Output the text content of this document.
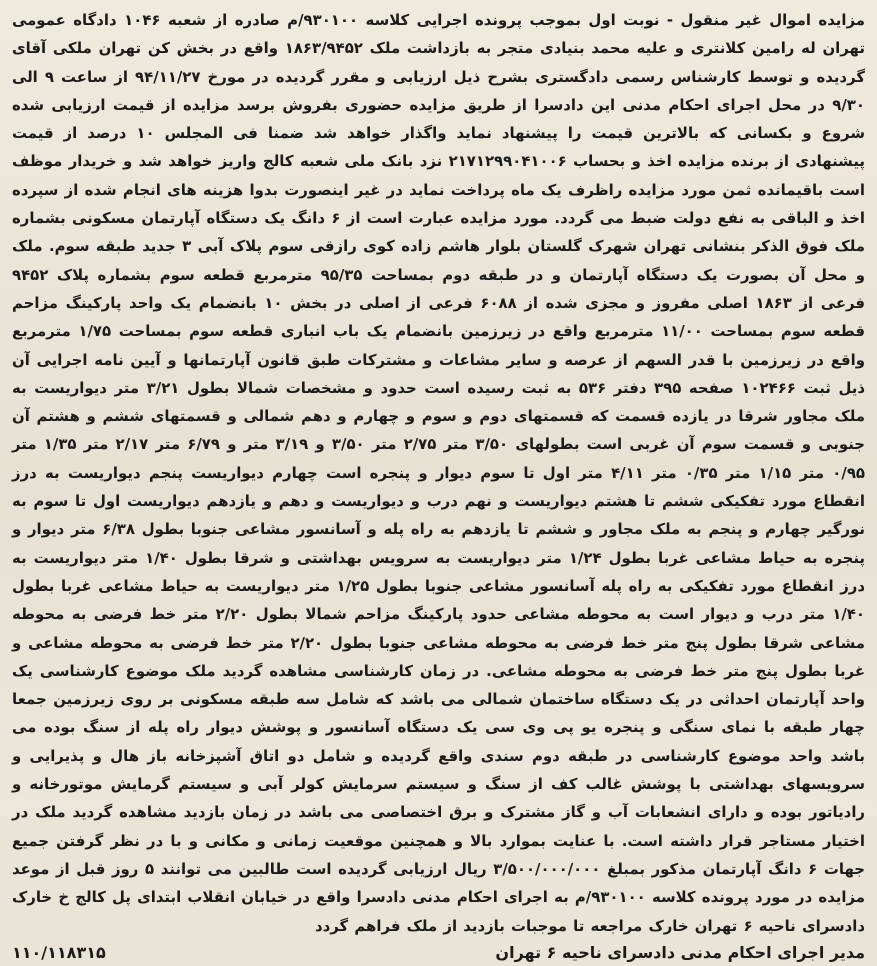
مزایده اموال غیر منقول - نوبت اول بموجب پرونده اجرایی کلاسه ۹۳۰۱۰۰/م صادره از شعبه ۱۰۴۶ دادگاه عمومی تهران له رامین کلانتری و علیه محمد بنیادی متجر به بازداشت ملک ۱۸۶۳/۹۴۵۲ واقع در بخش کن تهران ملکی آقای گردیده و توسط کارشناس رسمی دادگستری بشرح ذیل ارزیابی و مقرر گردیده در مورخ ۹۴/۱۱/۲۷ از ساعت ۹ الی ۹/۳۰ در محل اجرای احکام مدنی این دادسرا از طریق مزایده حضوری بفروش برسد مزایده از قیمت ارزیابی شده شروع و بکسانی که بالاترین قیمت را پیشنهاد نماید واگذار خواهد شد ضمنا فی المجلس ۱۰ درصد از قیمت پیشنهادی از برنده مزایده اخذ و بحساب ۲۱۷۱۲۹۹۰۴۱۰۰۶ نزد بانک ملی شعبه کالج واریز خواهد شد و خریدار موظف است باقیمانده ثمن مورد مزایده راظرف یک ماه پرداخت نماید در غیر اینصورت بدوا هزینه های انجام شده از سپرده اخذ و الباقی به نفع دولت ضبط می گردد. مورد مزایده عبارت است از ۶ دانگ یک دستگاه آپارتمان مسکونی بشماره ملک فوق الذکر بنشانی تهران شهرک گلستان بلوار هاشم زاده کوی رازقی سوم پلاک آبی ۳ جدید طبقه سوم. ملک و محل آن بصورت یک دستگاه آپارتمان و در طبقه دوم بمساحت ۹۵/۳۵ مترمربع قطعه سوم بشماره پلاک ۹۴۵۲ فرعی از ۱۸۶۳ اصلی مفروز و مجزی شده از ۶۰۸۸ فرعی از اصلی در بخش ۱۰ بانضمام یک واحد پارکینگ مزاحم قطعه سوم بمساحت ۱۱/۰۰ مترمربع واقع در زیرزمین بانضمام یک باب انباری قطعه سوم بمساحت ۱/۷۵ مترمربع واقع در زیرزمین با قدر السهم از عرصه و سایر مشاعات و مشترکات طبق قانون آپارتمانها و آیین نامه اجرایی آن ذیل ثبت ۱۰۲۴۶۶ صفحه ۳۹۵ دفتر ۵۳۶ به ثبت رسیده است حدود و مشخصات شمالا بطول ۳/۲۱ متر دیواریست به ملک مجاور شرقا در یازده قسمت که قسمتهای دوم و سوم و چهارم و دهم شمالی و قسمتهای ششم و هشتم آن جنوبی و قسمت سوم آن غربی است بطولهای ۳/۵۰ متر ۲/۷۵ متر ۳/۵۰ و ۳/۱۹ متر و ۶/۷۹ متر ۲/۱۷ متر ۱/۳۵ متر ۰/۹۵ متر ۱/۱۵ متر ۰/۳۵ متر ۴/۱۱ متر اول تا سوم دیوار و پنجره است چهارم دیواریست پنجم دیواریست به درز انقطاع مورد تفکیکی ششم تا هشتم دیواریست و نهم درب و دیواریست و دهم و یازدهم دیواریست اول تا سوم به نورگیر چهارم و پنجم به ملک مجاور و ششم تا یازدهم به راه پله و آسانسور مشاعی جنوبا بطول ۶/۳۸ متر دیوار و پنجره به حیاط مشاعی غربا بطول ۱/۲۴ متر دیواریست به سرویس بهداشتی و شرقا بطول ۱/۴۰ متر دیواریست به درز انقطاع مورد تفکیکی به راه پله آسانسور مشاعی جنوبا بطول ۱/۲۵ متر دیواریست به حیاط مشاعی غربا بطول ۱/۴۰ متر درب و دیوار است به محوطه مشاعی حدود پارکینگ مزاحم شمالا بطول ۲/۲۰ متر خط فرضی به محوطه مشاعی شرقا بطول پنج متر خط فرضی به محوطه مشاعی جنوبا بطول ۲/۲۰ متر خط فرضی به محوطه مشاعی و غربا بطول پنج متر خط فرضی به محوطه مشاعی. در زمان کارشناسی مشاهده گردید ملک موضوع کارشناسی یک واحد آپارتمان احداثی در یک دستگاه ساختمان شمالی می باشد که شامل سه طبقه مسکونی بر روی زیرزمین جمعا چهار طبقه با نمای سنگی و پنجره یو پی وی سی یک دستگاه آسانسور و پوشش دیوار راه پله از سنگ بوده می باشد واحد موضوع کارشناسی در طبقه دوم سندی واقع گردیده و شامل دو اتاق آشپزخانه باز هال و پذیرایی و سرویسهای بهداشتی با پوشش غالب کف از سنگ و سیستم سرمایش کولر آبی و سیستم گرمایش موتورخانه و رادیاتور بوده و دارای انشعابات آب و گاز مشترک و برق اختصاصی می باشد در زمان بازدید مشاهده گردید ملک در اختیار مستاجر قرار داشته است. با عنایت بموارد بالا و همچنین موقعیت زمانی و مکانی و با در نظر گرفتن جمیع جهات ۶ دانگ آپارتمان مذکور بمبلغ ۳/۵۰۰/۰۰۰/۰۰۰ ریال ارزیابی گردیده است طالبین می توانند ۵ روز قبل از موعد مزایده در مورد پرونده کلاسه ۹۳۰۱۰۰/م به اجرای احکام مدنی دادسرا واقع در خیابان انقلاب ابتدای پل کالج خ خارک دادسرای ناحیه ۶ تهران خارک مراجعه تا موجبات بازدید از ملک فراهم گردد

مدیر اجرای احکام مدنی دادسرای ناحیه ۶ تهران
۱۱۰/۱۱۸۳۱۵
